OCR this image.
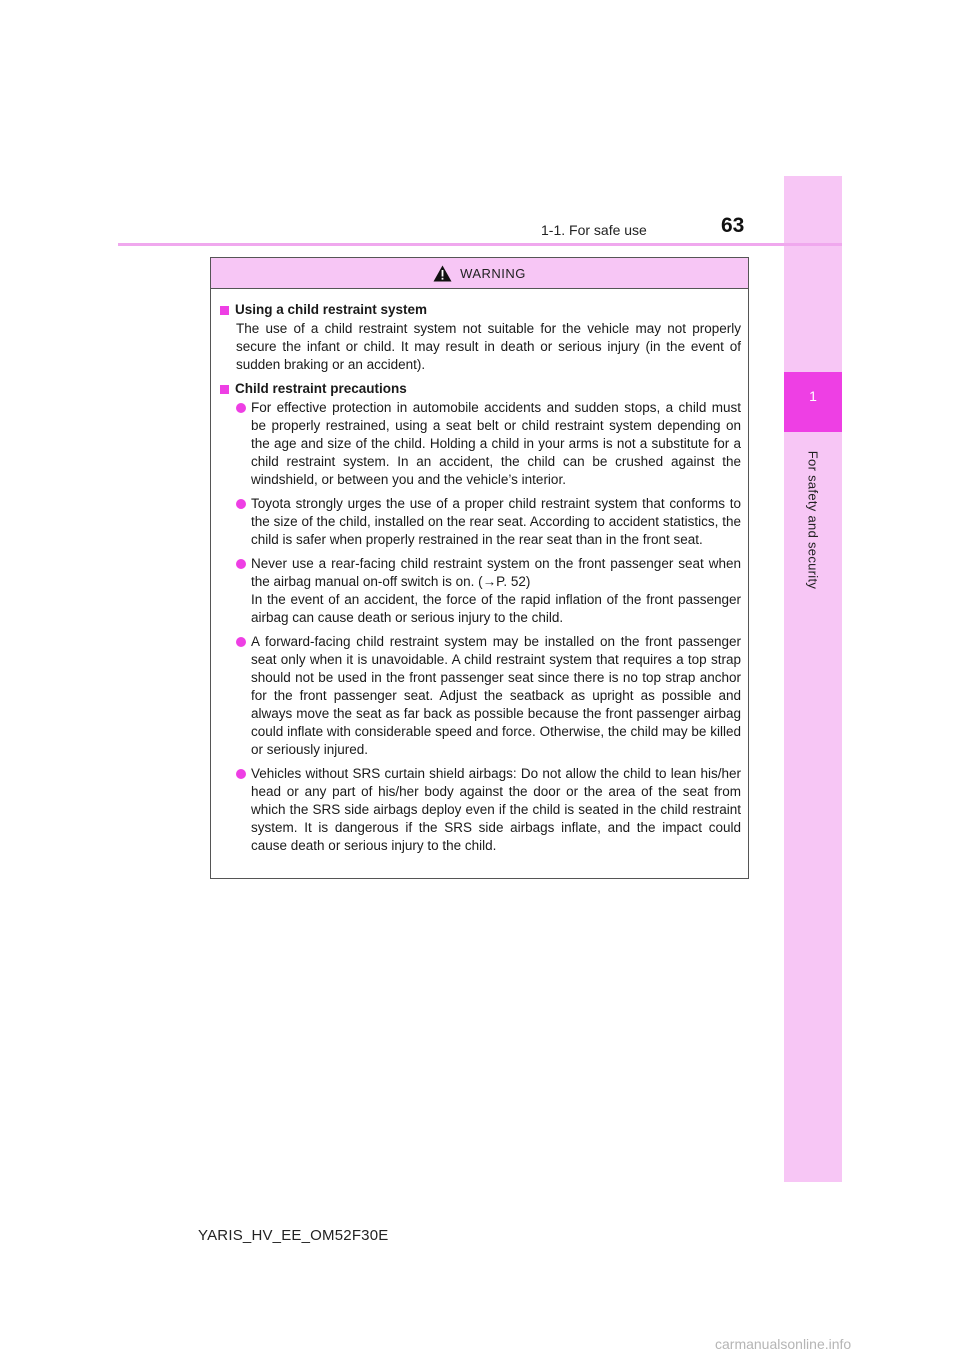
1
For safety and security
1-1. For safe use	63
WARNING
Using a child restraint system
The use of a child restraint system not suitable for the vehicle may not properly secure the infant or child. It may result in death or serious injury (in the event of sudden braking or an accident).
Child restraint precautions
For effective protection in automobile accidents and sudden stops, a child must be properly restrained, using a seat belt or child restraint system depending on the age and size of the child. Holding a child in your arms is not a substitute for a child restraint system. In an accident, the child can be crushed against the windshield, or between you and the vehicle’s interior.
Toyota strongly urges the use of a proper child restraint system that conforms to the size of the child, installed on the rear seat. According to accident statistics, the child is safer when properly restrained in the rear seat than in the front seat.
Never use a rear-facing child restraint system on the front passenger seat when the airbag manual on-off switch is on. (→P. 52)
In the event of an accident, the force of the rapid inflation of the front passenger airbag can cause death or serious injury to the child.
A forward-facing child restraint system may be installed on the front passenger seat only when it is unavoidable. A child restraint system that requires a top strap should not be used in the front passenger seat since there is no top strap anchor for the front passenger seat. Adjust the seatback as upright as possible and always move the seat as far back as possible because the front passenger airbag could inflate with considerable speed and force. Otherwise, the child may be killed or seriously injured.
Vehicles without SRS curtain shield airbags: Do not allow the child to lean his/her head or any part of his/her body against the door or the area of the seat from which the SRS side airbags deploy even if the child is seated in the child restraint system. It is dangerous if the SRS side airbags inflate, and the impact could cause death or serious injury to the child.
YARIS_HV_EE_OM52F30E
carmanualsonline.info
